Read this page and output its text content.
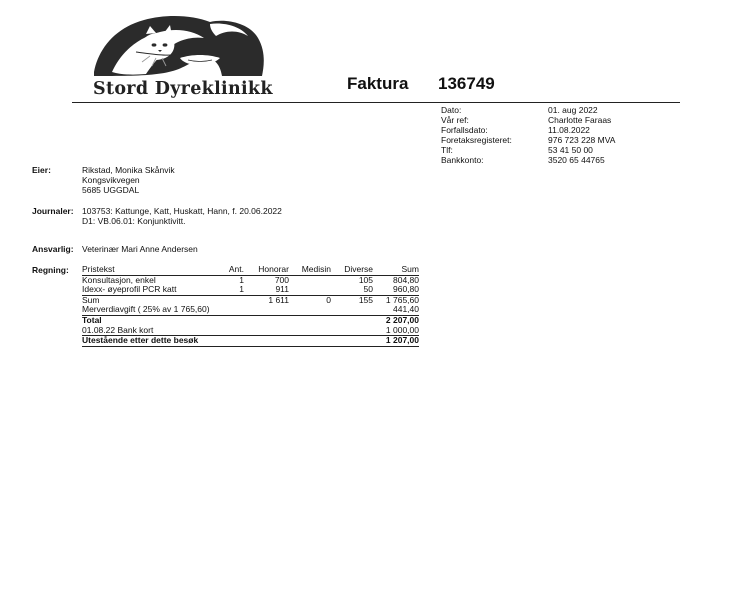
Stord Dyreklinikk	Faktura 136749
Dato:	01. aug 2022
Vår ref:	Charlotte Faraas
Forfallsdato:	11.08.2022
Foretaksregisteret:	976 723 228 MVA
Tlf:	53 41 50 00
Bankkonto:	3520 65 44765
Eier:	Rikstad, Monika Skånvik
Kongsvikvegen
5685 UGGDAL
Journaler: 103753: Kattunge, Katt, Huskatt, Hann, f. 20.06.2022
D1: VB.06.01: Konjunktivitt.
Ansvarlig: Veterinær Mari Anne Andersen
Regning: Pristekst	Ant.	Honorar	Medisin	Diverse	Sum
Konsultasjon, enkel	1	700		105	804,80
Idexx- øyeprofil PCR katt	1	911		50	960,80
Sum		1 611	0	155	1 765,60
Merverdiavgift ( 25% av 1 765,60)					441,40
Total					2 207,00
01.08.22 Bank kort					1 000,00
Utestående etter dette besøk					1 207,00
